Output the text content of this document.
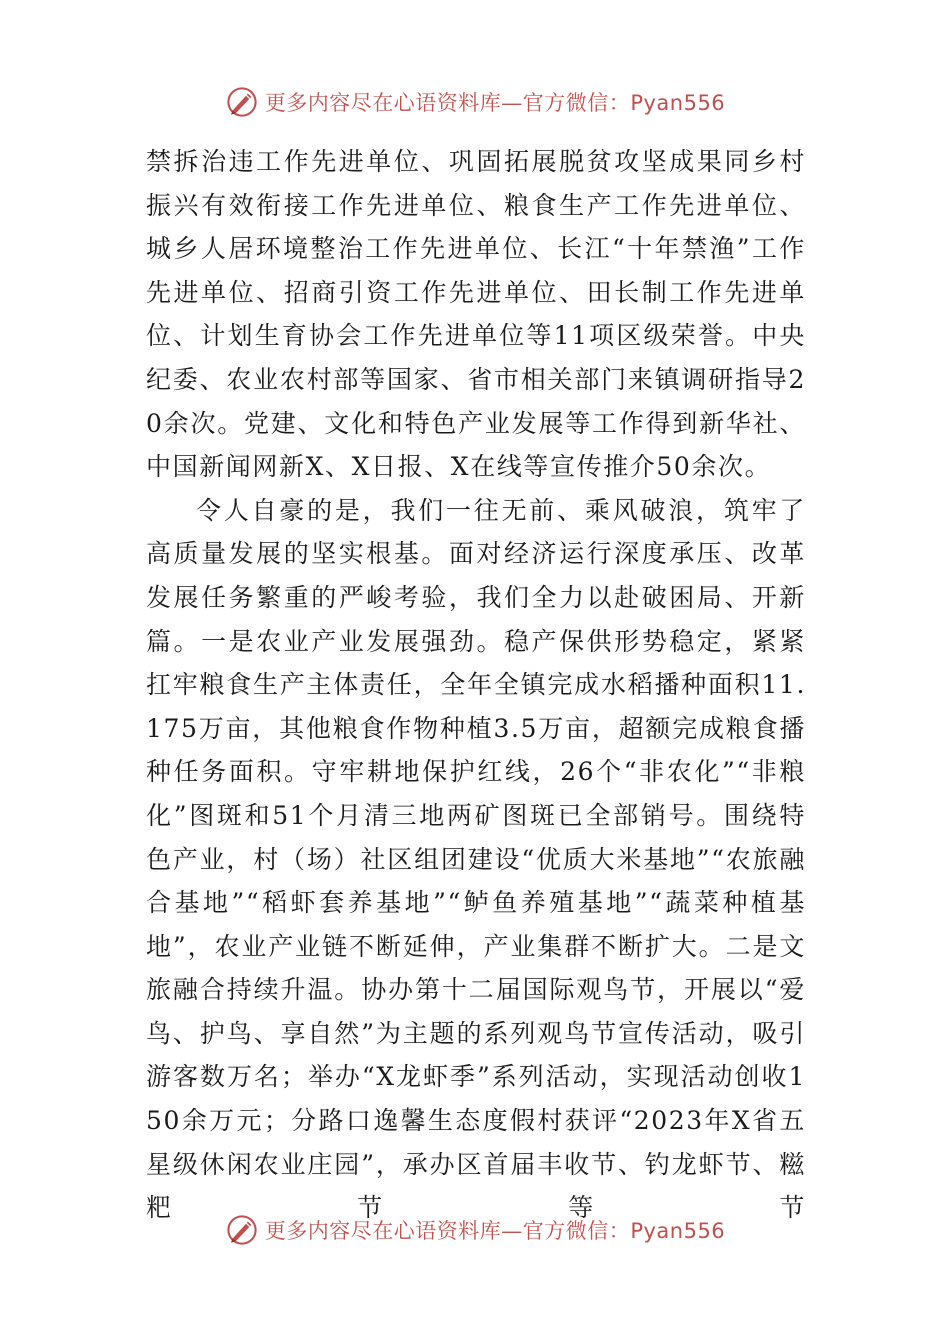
更多内容尽在心语资料库—官方微信：Pyan556

禁拆治违工作先进单位、巩固拓展脱贫攻坚成果同乡村振兴有效衔接工作先进单位、粮食生产工作先进单位、城乡人居环境整治工作先进单位、长江“十年禁渔”工作先进单位、招商引资工作先进单位、田长制工作先进单位、计划生育协会工作先进单位等11项区级荣誉。中央纪委、农业农村部等国家、省市相关部门来镇调研指导20余次。党建、文化和特色产业发展等工作得到新华社、中国新闻网新X、X日报、X在线等宣传推介50余次。

令人自豪的是，我们一往无前、乘风破浪，筑牢了高质量发展的坚实根基。面对经济运行深度承压、改革发展任务繁重的严峻考验，我们全力以赴破困局、开新篇。一是农业产业发展强劲。稳产保供形势稳定，紧紧扛牢粮食生产主体责任，全年全镇完成水稻播种面积11.175万亩，其他粮食作物种植3.5万亩，超额完成粮食播种任务面积。守牢耕地保护红线，26个“非农化”“非粮化”图斑和51个月清三地两矿图斑已全部销号。围绕特色产业，村（场）社区组团建设“优质大米基地”“农旅融合基地”“稻虾套养基地”“鲈鱼养殖基地”“蔬菜种植基地”，农业产业链不断延伸，产业集群不断扩大。二是文旅融合持续升温。协办第十二届国际观鸟节，开展以“爱鸟、护鸟、享自然”为主题的系列观鸟节宣传活动，吸引游客数万名；举办“X龙虾季”系列活动，实现活动创收150余万元；分路口逸馨生态度假村获评“2023年X省五星级休闲农业庄园”，承办区首届丰收节、钓龙虾节、糍粑节等节

更多内容尽在心语资料库—官方微信：Pyan556
